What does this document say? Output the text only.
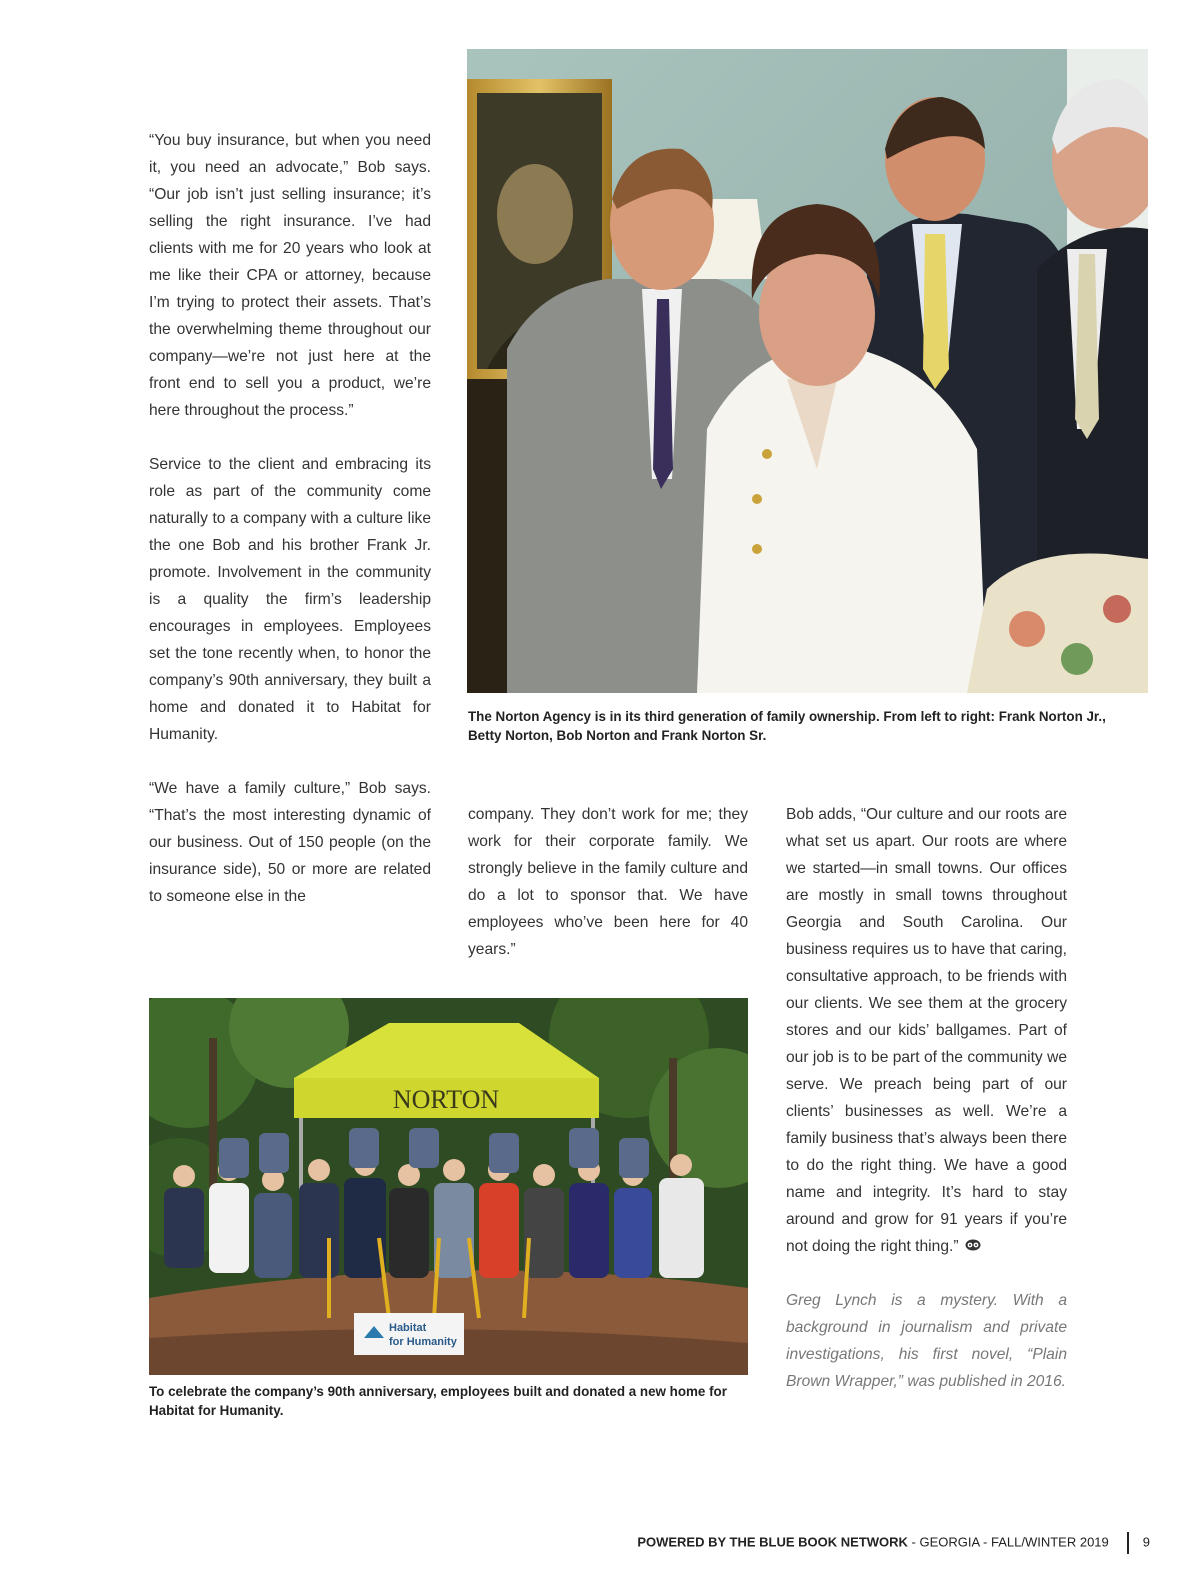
“You buy insurance, but when you need it, you need an advocate,” Bob says. “Our job isn’t just selling insurance; it’s selling the right insurance. I’ve had clients with me for 20 years who look at me like their CPA or attorney, because I’m trying to protect their assets. That’s the overwhelming theme throughout our company—we’re not just here at the front end to sell you a product, we’re here throughout the process.”

Service to the client and embracing its role as part of the community come naturally to a company with a culture like the one Bob and his brother Frank Jr. promote. Involvement in the community is a quality the firm’s leadership encourages in employees. Employees set the tone recently when, to honor the company’s 90th anniversary, they built a home and donated it to Habitat for Humanity.

“We have a family culture,” Bob says. “That’s the most interesting dynamic of our business. Out of 150 people (on the insurance side), 50 or more are related to someone else in the

The Norton Agency is in its third generation of family ownership. From left to right: Frank Norton Jr., Betty Norton, Bob Norton and Frank Norton Sr.

company. They don’t work for me; they work for their corporate family. We strongly believe in the family culture and do a lot to sponsor that. We have employees who’ve been here for 40 years.”

Bob adds, “Our culture and our roots are what set us apart. Our roots are where we started—in small towns. Our offices are mostly in small towns throughout Georgia and South Carolina. Our business requires us to have that caring, consultative approach, to be friends with our clients. We see them at the grocery stores and our kids’ ballgames. Part of our job is to be part of the community we serve. We preach being part of our clients’ businesses as well. We’re a family business that’s always been there to do the right thing. We have a good name and integrity. It’s hard to stay around and grow for 91 years if you’re not doing the right thing.”

Greg Lynch is a mystery. With a background in journalism and private investigations, his first novel, “Plain Brown Wrapper,” was published in 2016.

NORTON
Habitat
for Humanity
To celebrate the company’s 90th anniversary, employees built and donated a new home for Habitat for Humanity.
POWERED BY THE BLUE BOOK NETWORK - GEORGIA - FALL/WINTER 2019	9
